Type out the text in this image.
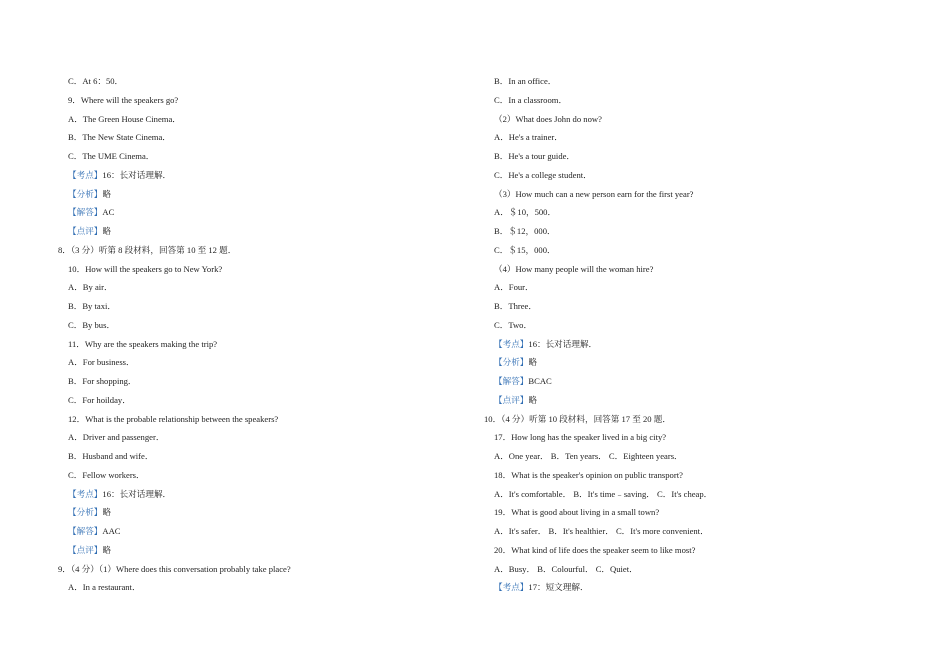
C．At 6：50．
9．Where will the speakers go?
A．The Green House Cinema．
B．The New State Cinema．
C．The UME Cinema．
【考点】16：长对话理解．
【分析】略
【解答】AC
【点评】略
8．（3 分）听第 8 段材料，回答第 10 至 12 题．
10．How will the speakers go to New York?
A．By air．
B．By taxi．
C．By bus．
11．Why are the speakers making the trip?
A．For business．
B．For shopping．
C．For hoilday．
12．What is the probable relationship between the speakers?
A．Driver and passenger．
B．Husband and wife．
C．Fellow workers．
【考点】16：长对话理解．
【分析】略
【解答】AAC
【点评】略
9．（4 分）（1）Where does this conversation probably take place?
A．In a restaurant．
B．In an office．
C．In a classroom．
（2）What does John do now?
A．He's a trainer．
B．He's a tour guide．
C．He's a college student．
（3）How much can a new person earn for the first year?
A．＄10，500．
B．＄12，000．
C．＄15，000．
（4）How many people will the woman hire?
A．Four．
B．Three．
C．Two．
【考点】16：长对话理解．
【分析】略
【解答】BCAC
【点评】略
10．（4 分）听第 10 段材料，回答第 17 至 20 题．
17．How long has the speaker lived in a big city?
A．One year． B．Ten years． C．Eighteen years．
18．What is the speaker's opinion on public transport?
A．It's comfortable． B．It's time﹣saving． C．It's cheap．
19．What is good about living in a small town?
A．It's safer． B．It's healthier． C．It's more convenient．
20．What kind of life does the speaker seem to like most?
A．Busy． B．Colourful． C．Quiet．
【考点】17：短文理解．
